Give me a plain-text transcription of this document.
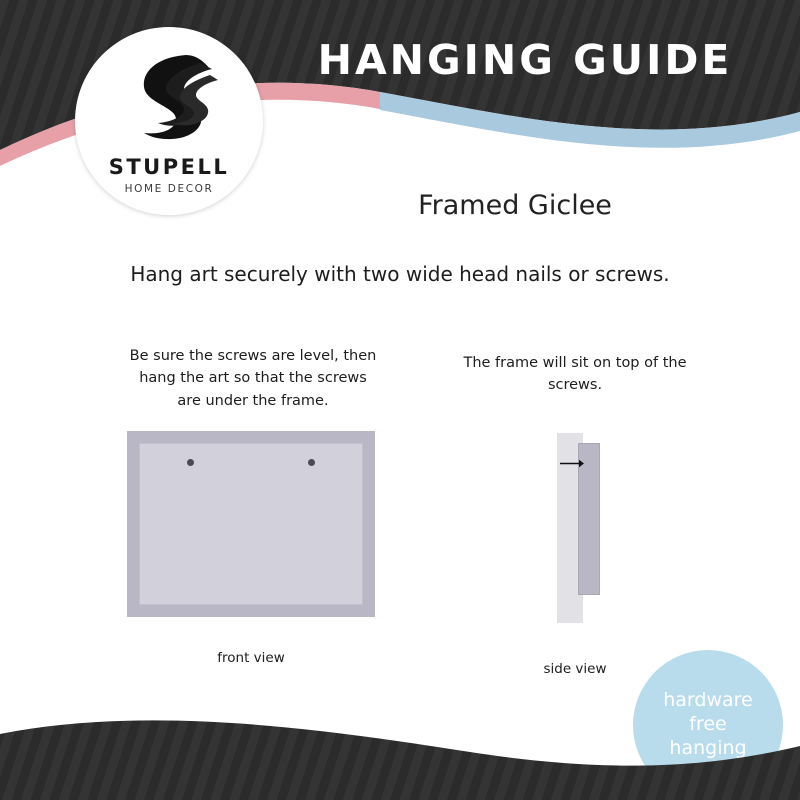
HANGING GUIDE
STUPELL
HOME DECOR
Framed Giclee
Hang art securely with two wide head nails or screws.
Be sure the screws are level, then hang the art so that the screws are under the frame.
front view
The frame will sit on top of the screws.
side view
hardware
free
hanging
